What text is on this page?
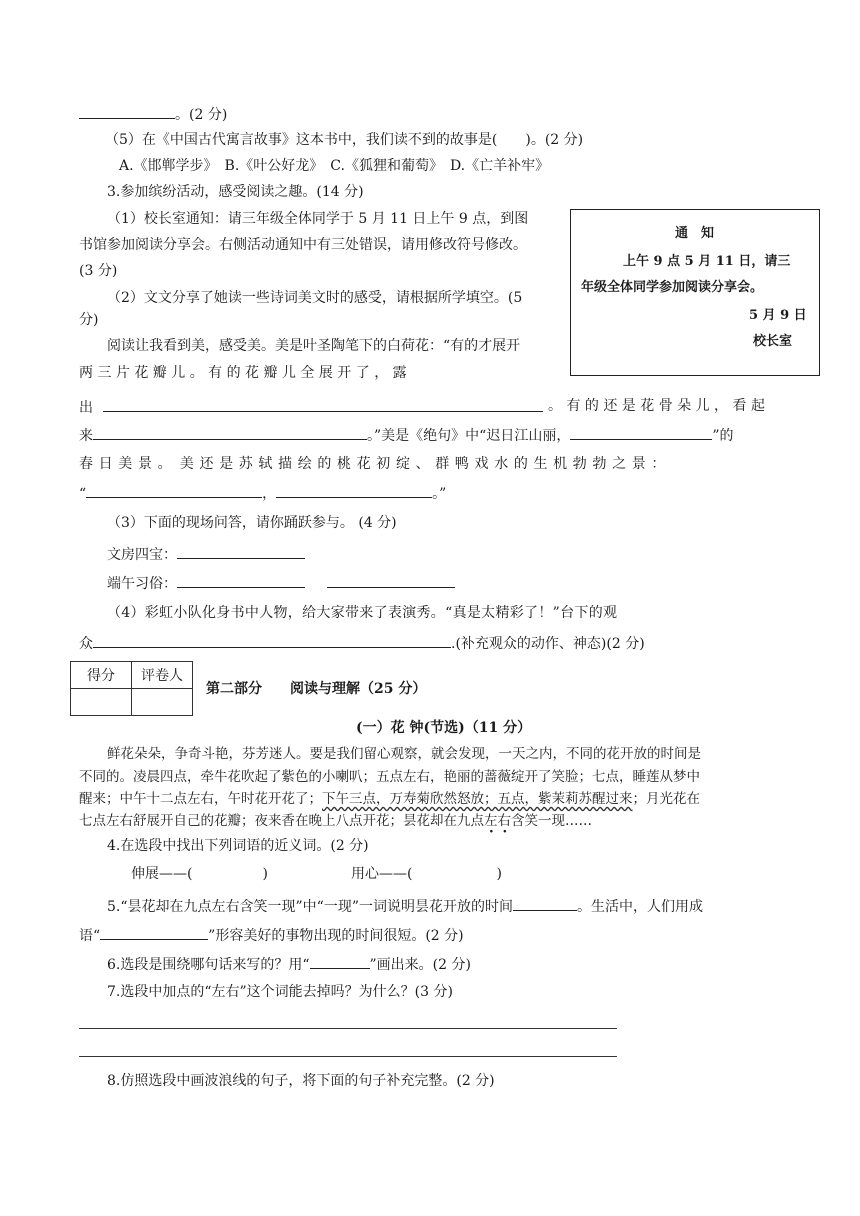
。(2 分)
（5）在《中国古代寓言故事》这本书中，我们读不到的故事是(　　)。(2 分)
A.《邯郸学步》　B.《叶公好龙》　C.《狐狸和葡萄》　D.《亡羊补牢》
3.参加缤纷活动，感受阅读之趣。(14 分)
（1）校长室通知：请三年级全体同学于 5 月 11 日上午 9 点，到图
书馆参加阅读分享会。右侧活动通知中有三处错误，请用修改符号修改。
(3 分)
（2）文文分享了她读一些诗词美文时的感受，请根据所学填空。(5
分)
阅读让我看到美，感受美。美是叶圣陶笔下的白荷花：“有的才展开
两 三 片 花 瓣 儿 。 有 的 花 瓣 儿 全 展 开 了 ， 露
通　知
上午 9 点 5 月 11 日，请三
年级全体同学参加阅读分享会。
5 月 9 日
校长室
出	。 有 的 还 是 花 骨 朵 儿 ， 看 起
来	。”美是《绝句》中“迟日江山丽，	”的
春 日 美 景 。　美 还 是 苏 轼 描 绘 的 桃 花 初 绽 、 群 鸭 戏 水 的 生 机 勃 勃 之 景 ：
“	，	。”
（3）下面的现场问答，请你踊跃参与。 (4 分)
文房四宝：
端午习俗：
（4）彩虹小队化身书中人物，给大家带来了表演秀。“真是太精彩了！”台下的观
众	.(补充观众的动作、神态)(2 分)
得分	评卷人

第二部分　　阅读与理解（25 分）
(一）花 钟(节选)（11 分）
鲜花朵朵，争奇斗艳，芬芳迷人。要是我们留心观察，就会发现，一天之内，不同的花开放的时间是
不同的。凌晨四点，牵牛花吹起了紫色的小喇叭；五点左右，艳丽的蔷薇绽开了笑脸；七点，睡莲从梦中
醒来；中午十二点左右，午时花开花了；下午三点，万寿菊欣然怒放；五点，紫茉莉苏醒过来；月光花在
七点左右舒展开自己的花瓣；夜来香在晚上八点开花；昙花却在九点左右含笑一现……
4.在选段中找出下列词语的近义词。(2 分)
伸展——(　　　　　)	用心——(　　　　　　)
5.“昙花却在九点左右含笑一现”中“一现”一词说明昙花开放的时间	。生活中，人们用成
语“	”形容美好的事物出现的时间很短。(2 分)
6.选段是围绕哪句话来写的？用“	”画出来。(2 分)
7.选段中加点的“左右”这个词能去掉吗？为什么？(3 分)
8.仿照选段中画波浪线的句子，将下面的句子补充完整。(2 分)
